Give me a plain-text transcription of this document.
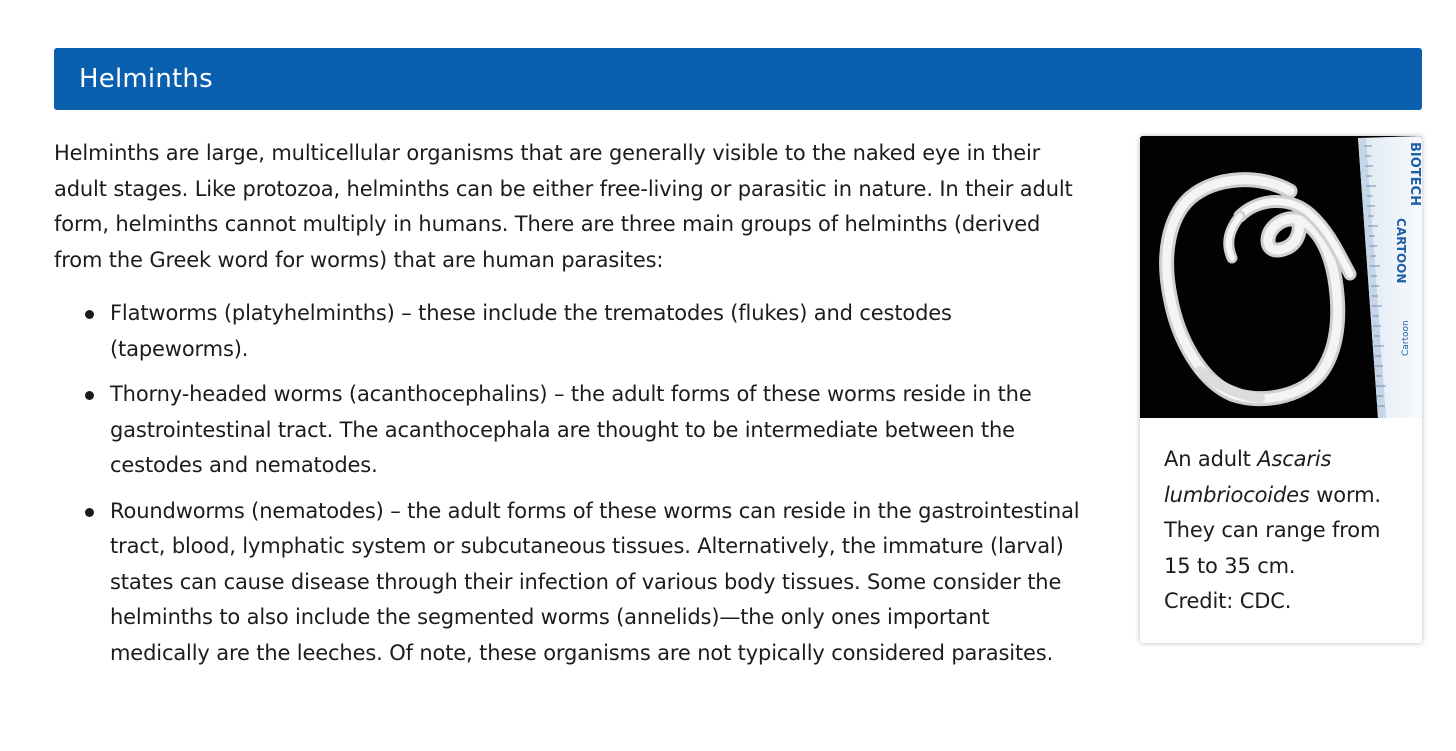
Helminths

Helminths are large, multicellular organisms that are generally visible to the naked eye in their adult stages. Like protozoa, helminths can be either free-living or parasitic in nature. In their adult form, helminths cannot multiply in humans. There are three main groups of helminths (derived from the Greek word for worms) that are human parasites:

Flatworms (platyhelminths) – these include the trematodes (flukes) and cestodes (tapeworms).
Thorny-headed worms (acanthocephalins) – the adult forms of these worms reside in the gastrointestinal tract. The acanthocephala are thought to be intermediate between the cestodes and nematodes.
Roundworms (nematodes) – the adult forms of these worms can reside in the gastrointestinal tract, blood, lymphatic system or subcutaneous tissues. Alternatively, the immature (larval) states can cause disease through their infection of various body tissues. Some consider the helminths to also include the segmented worms (annelids)—the only ones important medically are the leeches. Of note, these organisms are not typically considered parasites.
BIOTECH
CARTOON
Cartoon

An adult Ascaris lumbriocoides worm. They can range from 15 to 35 cm.
Credit: CDC.
